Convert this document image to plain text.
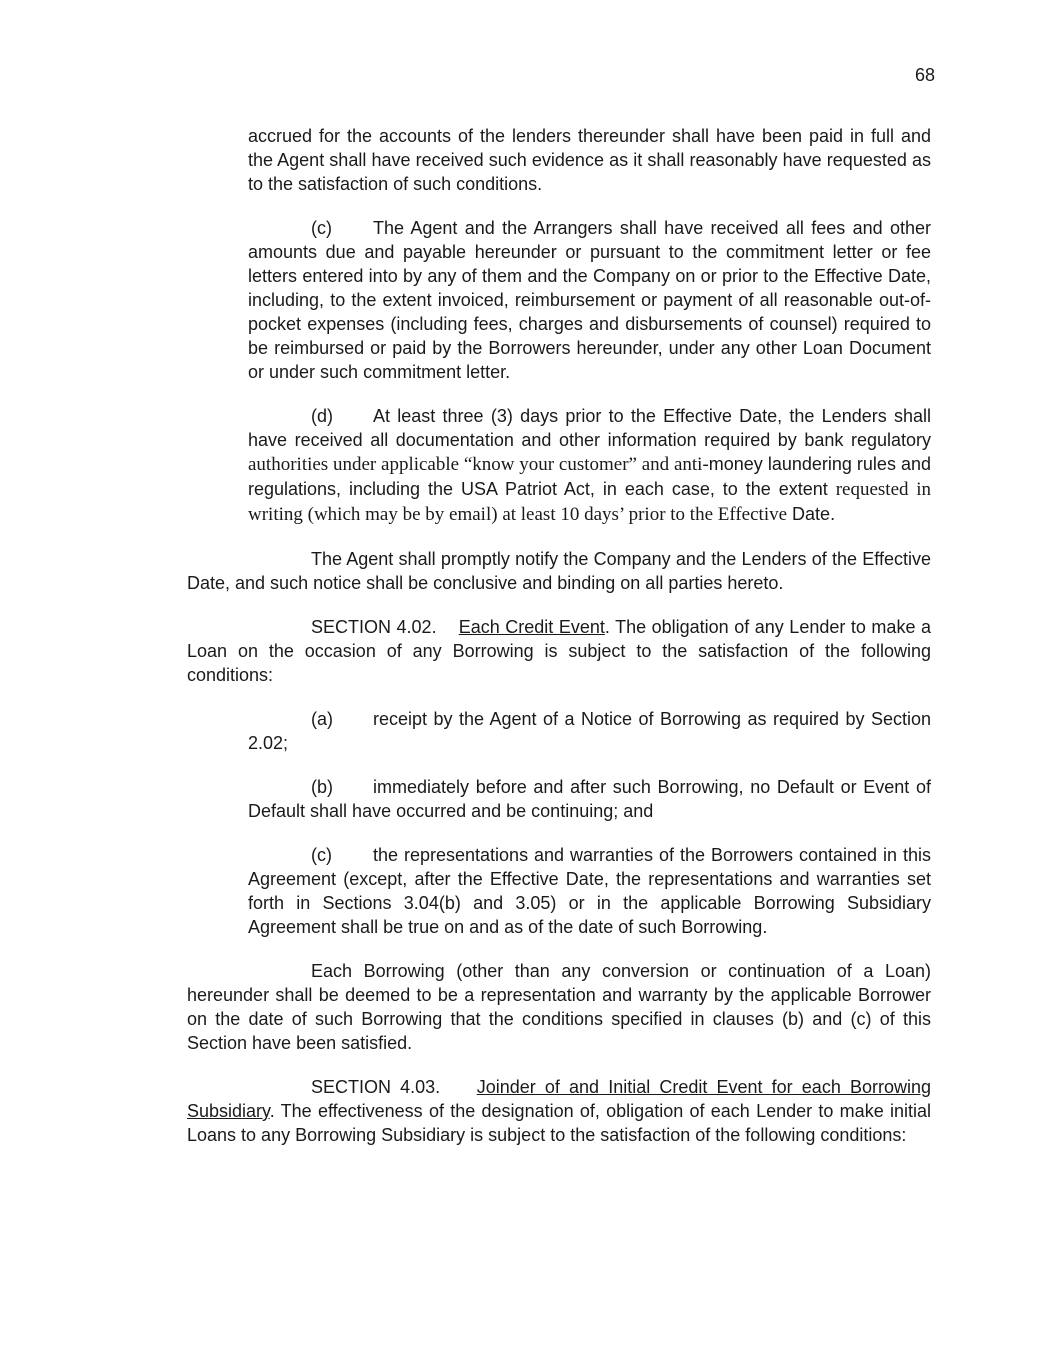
68

accrued for the accounts of the lenders thereunder shall have been paid in full and the Agent shall have received such evidence as it shall reasonably have requested as to the satisfaction of such conditions.

(c) The Agent and the Arrangers shall have received all fees and other amounts due and payable hereunder or pursuant to the commitment letter or fee letters entered into by any of them and the Company on or prior to the Effective Date, including, to the extent invoiced, reimbursement or payment of all reasonable out-of-pocket expenses (including fees, charges and disbursements of counsel) required to be reimbursed or paid by the Borrowers hereunder, under any other Loan Document or under such commitment letter.

(d) At least three (3) days prior to the Effective Date, the Lenders shall have received all documentation and other information required by bank regulatory authorities under applicable “know your customer” and anti-money laundering rules and regulations, including the USA Patriot Act, in each case, to the extent requested in writing (which may be by email) at least 10 days’ prior to the Effective Date.

The Agent shall promptly notify the Company and the Lenders of the Effective Date, and such notice shall be conclusive and binding on all parties hereto.

SECTION 4.02. Each Credit Event. The obligation of any Lender to make a Loan on the occasion of any Borrowing is subject to the satisfaction of the following conditions:

(a) receipt by the Agent of a Notice of Borrowing as required by Section 2.02;

(b) immediately before and after such Borrowing, no Default or Event of Default shall have occurred and be continuing; and

(c) the representations and warranties of the Borrowers contained in this Agreement (except, after the Effective Date, the representations and warranties set forth in Sections 3.04(b) and 3.05) or in the applicable Borrowing Subsidiary Agreement shall be true on and as of the date of such Borrowing.

Each Borrowing (other than any conversion or continuation of a Loan) hereunder shall be deemed to be a representation and warranty by the applicable Borrower on the date of such Borrowing that the conditions specified in clauses (b) and (c) of this Section have been satisfied.

SECTION 4.03. Joinder of and Initial Credit Event for each Borrowing Subsidiary. The effectiveness of the designation of, obligation of each Lender to make initial Loans to any Borrowing Subsidiary is subject to the satisfaction of the following conditions:
